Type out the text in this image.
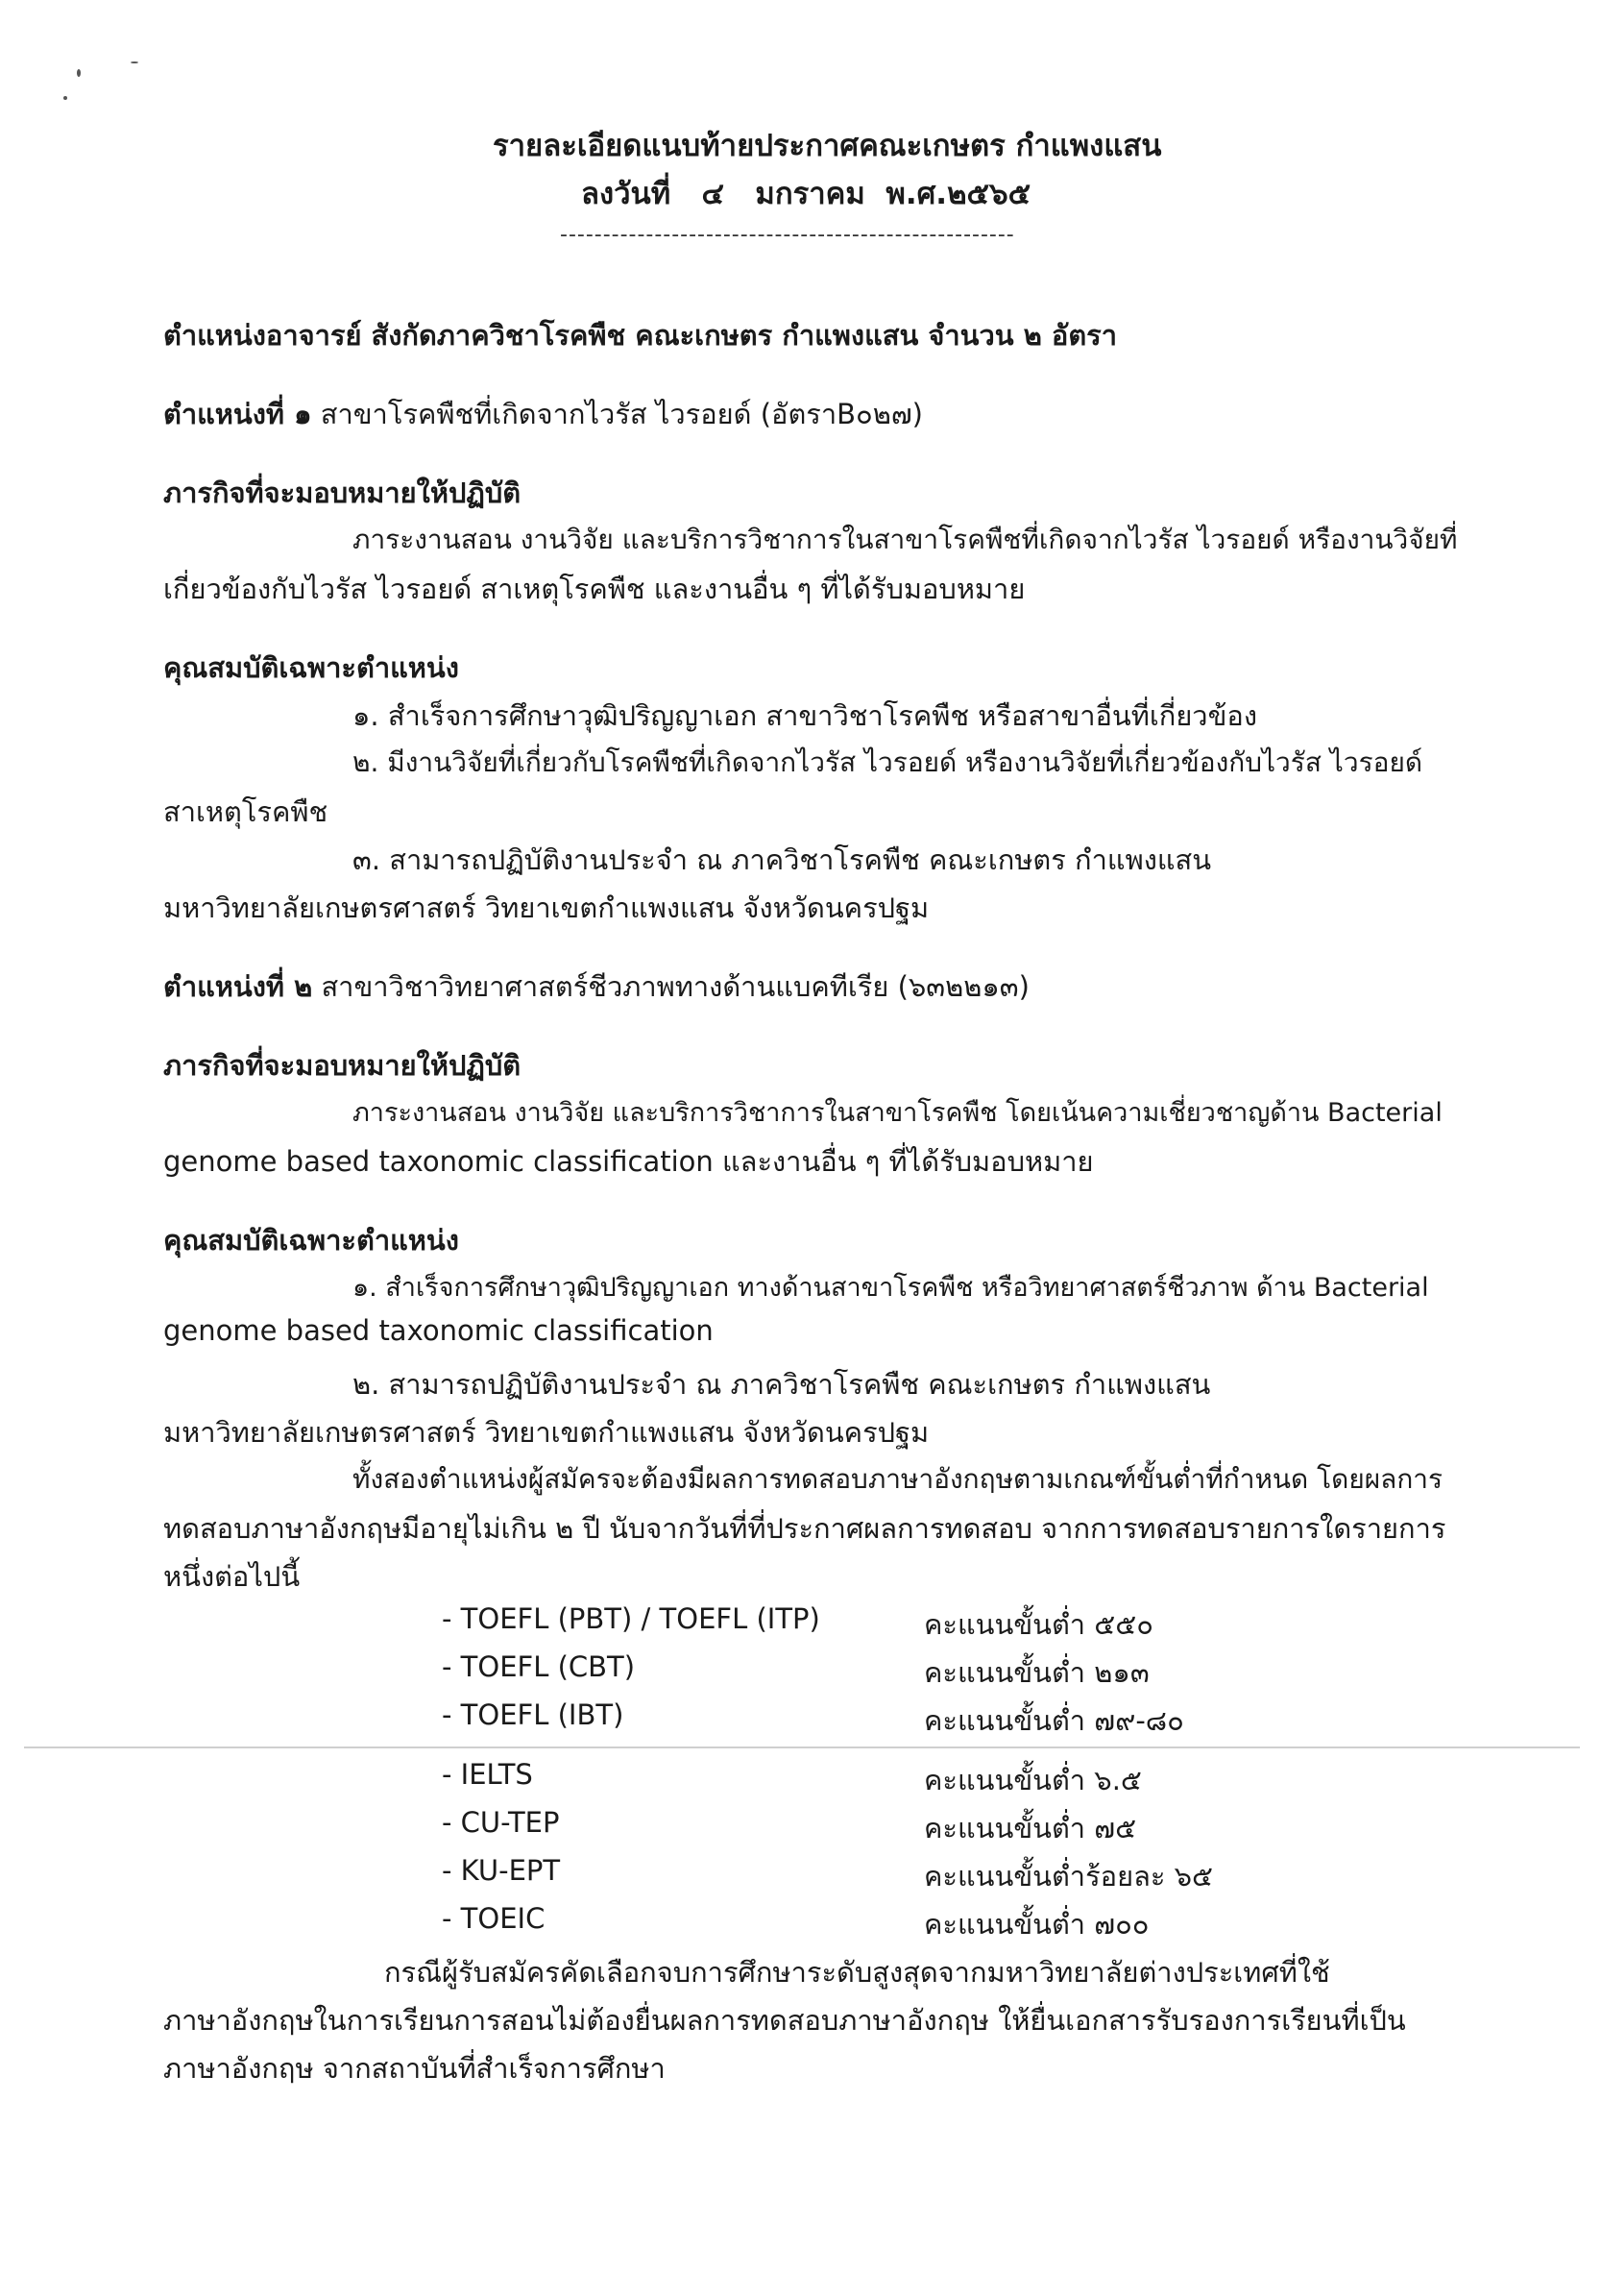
รายละเอียดแนบท้ายประกาศคณะเกษตร กำแพงแสน
ลงวันที่   ๔   มกราคม  พ.ศ.๒๕๖๕
-----------------------------------------------------
ตำแหน่งอาจารย์ สังกัดภาควิชาโรคพืช คณะเกษตร กำแพงแสน จำนวน ๒ อัตรา
ตำแหน่งที่ ๑ สาขาโรคพืชที่เกิดจากไวรัส ไวรอยด์ (อัตราB๐๒๗)
ภารกิจที่จะมอบหมายให้ปฏิบัติ
ภาระงานสอน งานวิจัย และบริการวิชาการในสาขาโรคพืชที่เกิดจากไวรัส ไวรอยด์ หรืองานวิจัยที่
เกี่ยวข้องกับไวรัส ไวรอยด์ สาเหตุโรคพืช และงานอื่น ๆ ที่ได้รับมอบหมาย
คุณสมบัติเฉพาะตำแหน่ง
๑. สำเร็จการศึกษาวุฒิปริญญาเอก สาขาวิชาโรคพืช หรือสาขาอื่นที่เกี่ยวข้อง
๒. มีงานวิจัยที่เกี่ยวกับโรคพืชที่เกิดจากไวรัส ไวรอยด์ หรืองานวิจัยที่เกี่ยวข้องกับไวรัส ไวรอยด์
สาเหตุโรคพืช
๓. สามารถปฏิบัติงานประจำ ณ ภาควิชาโรคพืช คณะเกษตร กำแพงแสน
มหาวิทยาลัยเกษตรศาสตร์ วิทยาเขตกำแพงแสน จังหวัดนครปฐม
ตำแหน่งที่ ๒ สาขาวิชาวิทยาศาสตร์ชีวภาพทางด้านแบคทีเรีย (๖๓๒๒๑๓)
ภารกิจที่จะมอบหมายให้ปฏิบัติ
ภาระงานสอน งานวิจัย และบริการวิชาการในสาขาโรคพืช โดยเน้นความเชี่ยวชาญด้าน Bacterial
genome based taxonomic classification และงานอื่น ๆ ที่ได้รับมอบหมาย
คุณสมบัติเฉพาะตำแหน่ง
๑. สำเร็จการศึกษาวุฒิปริญญาเอก ทางด้านสาขาโรคพืช หรือวิทยาศาสตร์ชีวภาพ ด้าน Bacterial
genome based taxonomic classification
๒. สามารถปฏิบัติงานประจำ ณ ภาควิชาโรคพืช คณะเกษตร กำแพงแสน
มหาวิทยาลัยเกษตรศาสตร์ วิทยาเขตกำแพงแสน จังหวัดนครปฐม
ทั้งสองตำแหน่งผู้สมัครจะต้องมีผลการทดสอบภาษาอังกฤษตามเกณฑ์ขั้นต่ำที่กำหนด โดยผลการ
ทดสอบภาษาอังกฤษมีอายุไม่เกิน ๒ ปี นับจากวันที่ที่ประกาศผลการทดสอบ จากการทดสอบรายการใดรายการ
หนึ่งต่อไปนี้
- TOEFL (PBT) / TOEFL (ITP)	คะแนนขั้นต่ำ ๕๕๐
- TOEFL (CBT)	คะแนนขั้นต่ำ ๒๑๓
- TOEFL (IBT)	คะแนนขั้นต่ำ ๗๙-๘๐
- IELTS	คะแนนขั้นต่ำ ๖.๕
- CU-TEP	คะแนนขั้นต่ำ ๗๕
- KU-EPT	คะแนนขั้นต่ำร้อยละ ๖๕
- TOEIC	คะแนนขั้นต่ำ ๗๐๐
กรณีผู้รับสมัครคัดเลือกจบการศึกษาระดับสูงสุดจากมหาวิทยาลัยต่างประเทศที่ใช้
ภาษาอังกฤษในการเรียนการสอนไม่ต้องยื่นผลการทดสอบภาษาอังกฤษ ให้ยื่นเอกสารรับรองการเรียนที่เป็น
ภาษาอังกฤษ จากสถาบันที่สำเร็จการศึกษา
